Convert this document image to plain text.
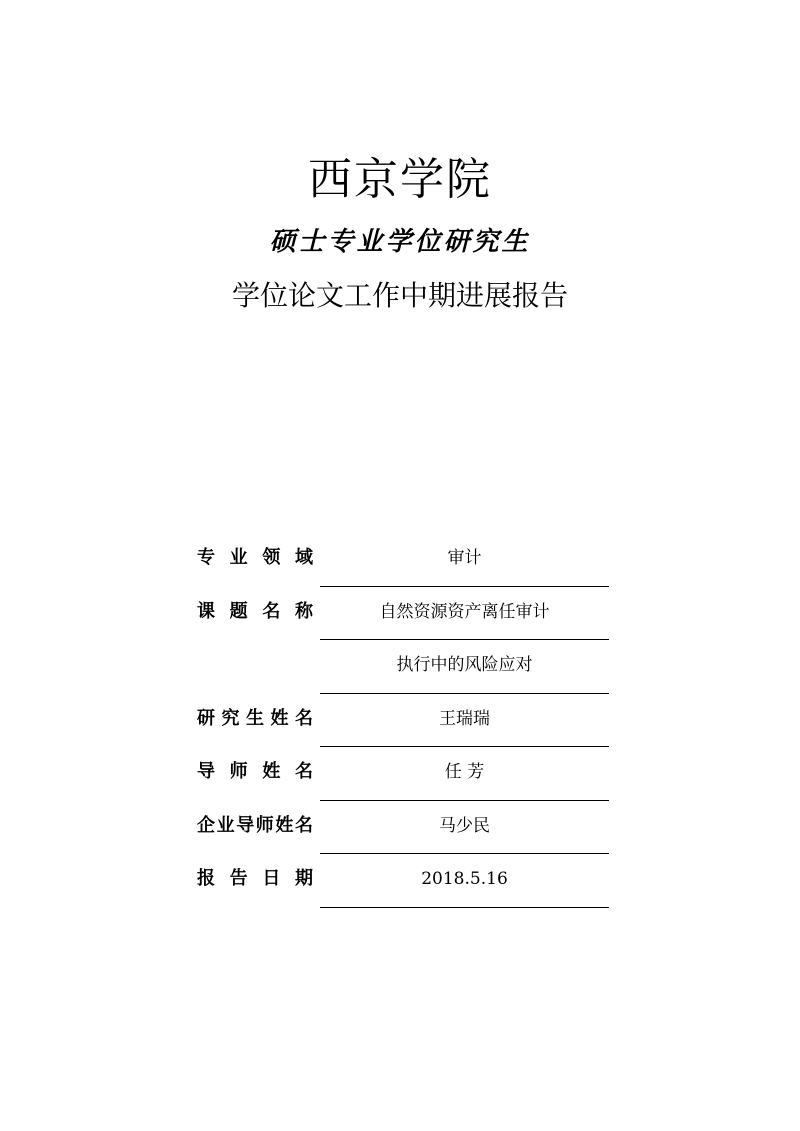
西京学院
硕士专业学位研究生
学位论文工作中期进展报告
专 业 领 域	审计
课 题 名 称	自然资源资产离任审计
执行中的风险应对
研 究 生 姓 名	王瑞瑞
导 师 姓 名	任 芳
企 业 导 师 姓 名	马少民
报 告 日 期	2018.5.16
